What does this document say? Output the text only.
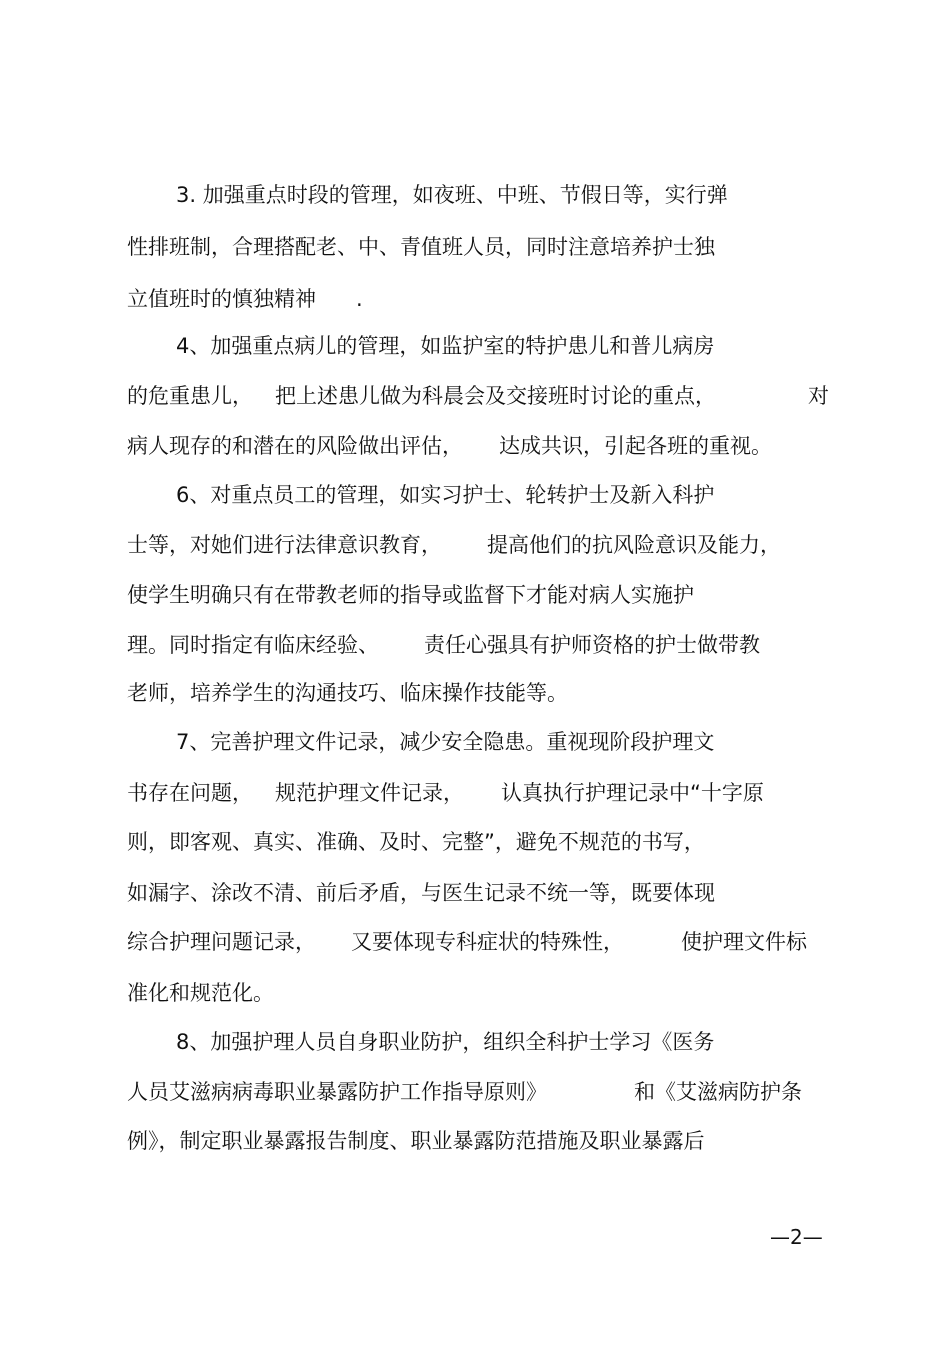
3. 加强重点时段的管理，如夜班、中班、节假日等，实行弹

性排班制，合理搭配老、中、青值班人员，同时注意培养护士独

立值班时的慎独精神

.

4、加强重点病儿的管理，如监护室的特护患儿和普儿病房

的危重患儿，

把上述患儿做为科晨会及交接班时讨论的重点，

	对

病人现存的和潜在的风险做出评估，

达成共识，引起各班的重视。

6、对重点员工的管理，如实习护士、轮转护士及新入科护

士等，对她们进行法律意识教育，

提高他们的抗风险意识及能力，

使学生明确只有在带教老师的指导或监督下才能对病人实施护

理。同时指定有临床经验、

责任心强具有护师资格的护士做带教

老师，培养学生的沟通技巧、临床操作技能等。

7、完善护理文件记录，减少安全隐患。重视现阶段护理文

书存在问题，

规范护理文件记录，

认真执行护理记录中“十字原

则，即客观、真实、准确、及时、完整”，避免不规范的书写，

如漏字、涂改不清、前后矛盾，与医生记录不统一等，既要体现

综合护理问题记录，

又要体现专科症状的特殊性，

	使护理文件标

准化和规范化。

8、加强护理人员自身职业防护，组织全科护士学习《医务

人员艾滋病病毒职业暴露防护工作指导原则》

	和《艾滋病防护条

例》，制定职业暴露报告制度、职业暴露防范措施及职业暴露后

—2—
